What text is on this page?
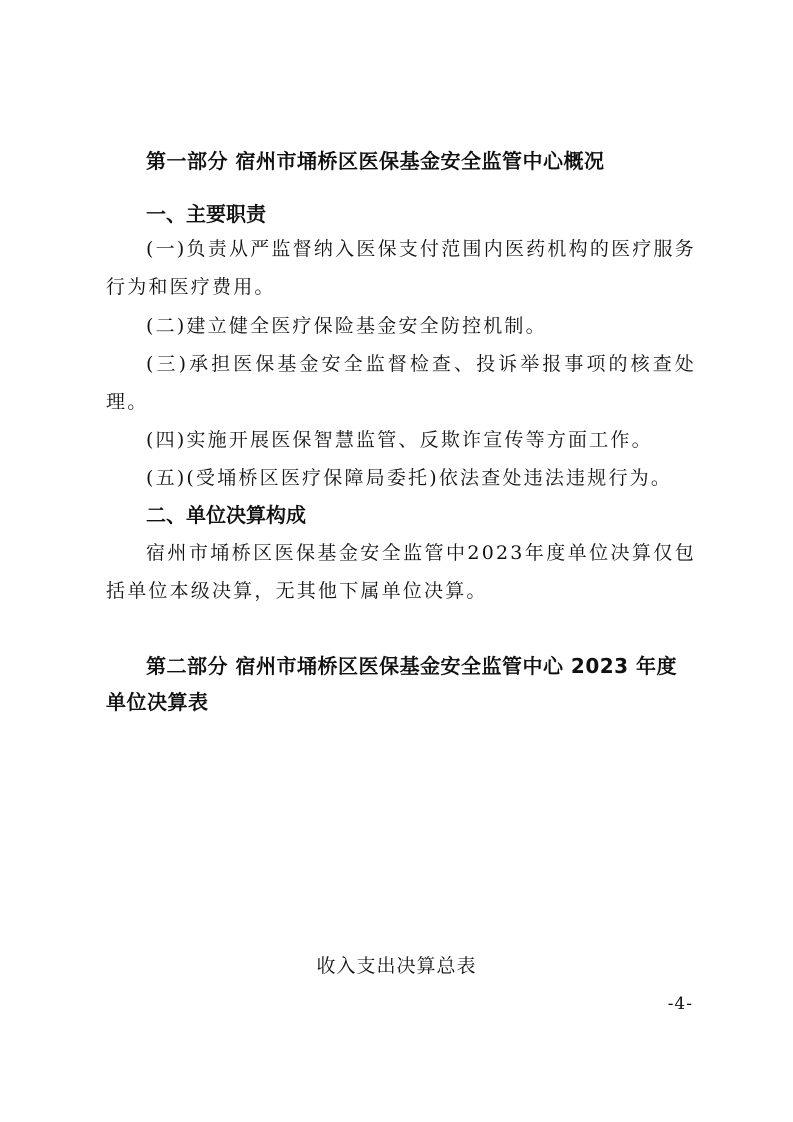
第一部分 宿州市埇桥区医保基金安全监管中心概况
一、主要职责
(一)负责从严监督纳入医保支付范围内医药机构的医疗服务行为和医疗费用。
(二)建立健全医疗保险基金安全防控机制。
(三)承担医保基金安全监督检查、投诉举报事项的核查处理。
(四)实施开展医保智慧监管、反欺诈宣传等方面工作。
(五)(受埇桥区医疗保障局委托)依法查处违法违规行为。
二、单位决算构成
宿州市埇桥区医保基金安全监管中2023年度单位决算仅包括单位本级决算，无其他下属单位决算。
第二部分 宿州市埇桥区医保基金安全监管中心 2023 年度单位决算表
收入支出决算总表
-4-
